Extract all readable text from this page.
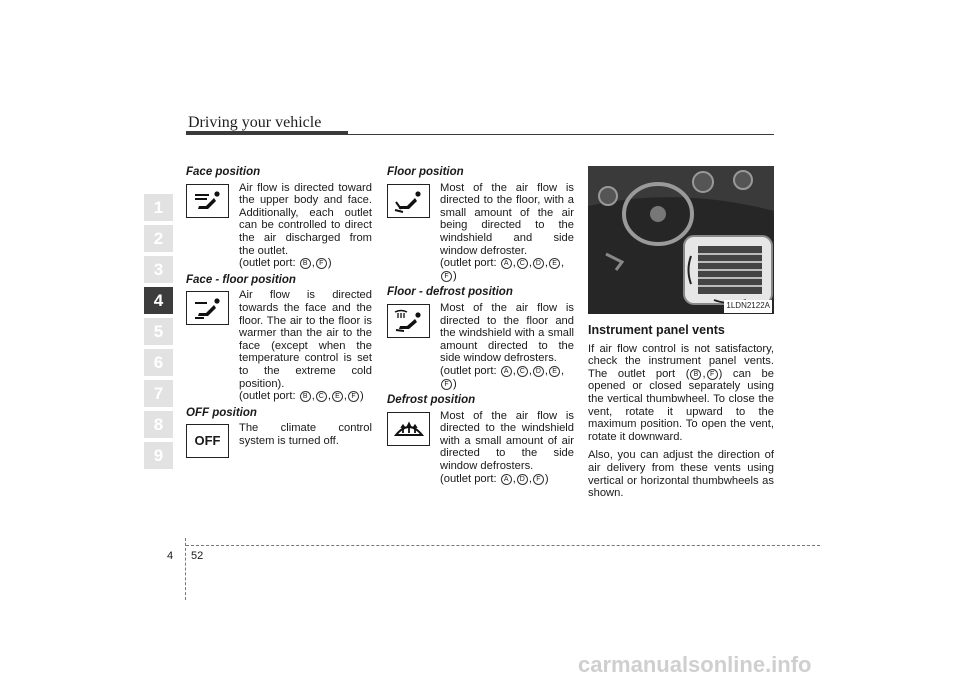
Driving your vehicle
1
2
3
4
5
6
7
8
9
Face position

Air flow is directed toward the upper body and face. Additionally, each outlet can be controlled to direct the air discharged from the outlet.

(outlet port: B , F )

Face - floor position

Air flow is directed towards the face and the floor. The air to the floor is warmer than the air to the face (except when the temperature control is set to the extreme cold position).

(outlet port: B , C , E , F )

OFF position
OFF

The climate control system is turned off.

Floor position

Most of the air flow is directed to the floor, with a small amount of the air being directed to the windshield and side window defroster.

(outlet port: A , C , D , E ,F )

Floor - defrost position

Most of the air flow is directed to the floor and the windshield with a small amount directed to the side window defrosters.

(outlet port: A , C , D , E ,F )

Defrost position

Most of the air flow is directed to the windshield with a small amount of air directed to the side window defrosters.

(outlet port: A , D , F )

1LDN2122A
Instrument panel vents

If air flow control is not satisfactory, check the instrument panel vents. The outlet port ( B , F ) can be opened or closed separately using the vertical thumbwheel. To close the vent, rotate it upward to the maximum position. To open the vent, rotate it downward.

Also, you can adjust the direction of air delivery from these vents using vertical or horizontal thumbwheels as shown.

4 52
carmanualsonline.info
